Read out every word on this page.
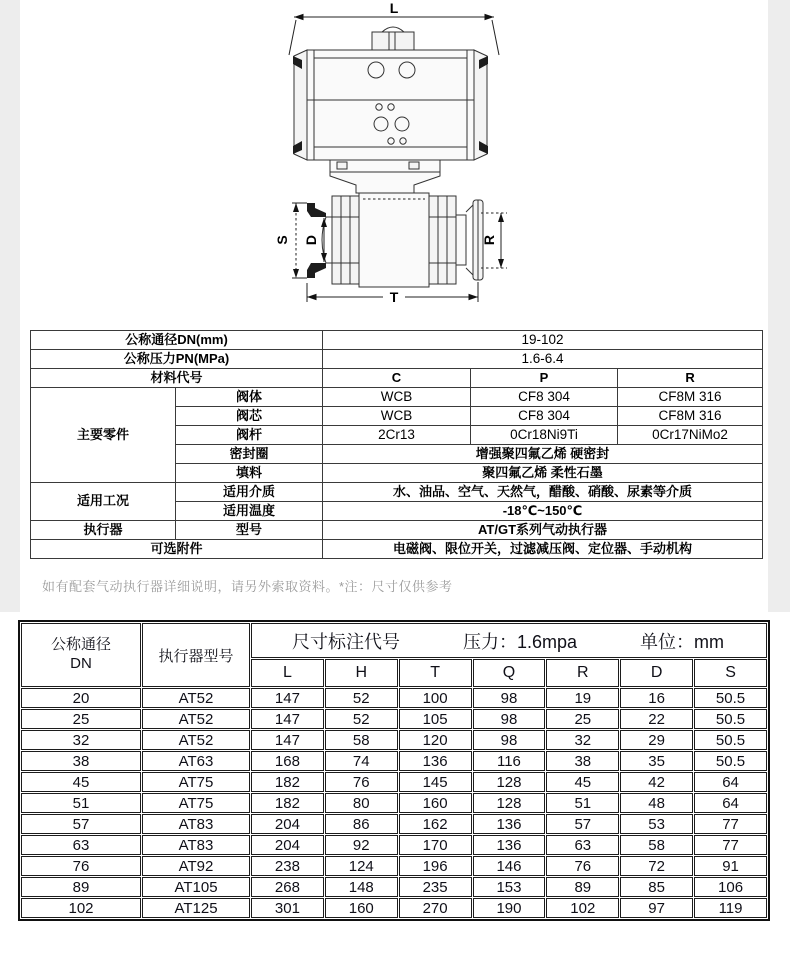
L
S D	R
T
公称通径DN(mm)		19-102		
公称压力PN(MPa)		1.6-6.4		
材料代号		C	P	R
主要零件	阀体	WCB	CF8 304	CF8M 316
	阀芯	WCB	CF8 304	CF8M 316
	阀杆	2Cr13	0Cr18Ni9Ti	0Cr17NiMo2
	密封圈	增强聚四氟乙烯 硬密封		
	填料	聚四氟乙烯 柔性石墨		
适用工况	适用介质	水、油品、空气、天然气，醋酸、硝酸、尿素等介质		
	适用温度	-18℃~150℃		
执行器	型号	AT/GT系列气动执行器		
可选附件		电磁阀、限位开关，过滤减压阀、定位器、手动机构		
如有配套气动执行器详细说明，请另外索取资料。*注：尺寸仅供参考
公称通径
DN	执行器型号	
尺寸标注代号	压力：1.6mpa	单位：mm

		L	H	T	Q	R	D	S
20	AT52	147	52	100	98	19	16	50.5
25	AT52	147	52	105	98	25	22	50.5
32	AT52	147	58	120	98	32	29	50.5
38	AT63	168	74	136	116	38	35	50.5
45	AT75	182	76	145	128	45	42	64
51	AT75	182	80	160	128	51	48	64
57	AT83	204	86	162	136	57	53	77
63	AT83	204	92	170	136	63	58	77
76	AT92	238	124	196	146	76	72	91
89	AT105	268	148	235	153	89	85	106
102	AT125	301	160	270	190	102	97	119
